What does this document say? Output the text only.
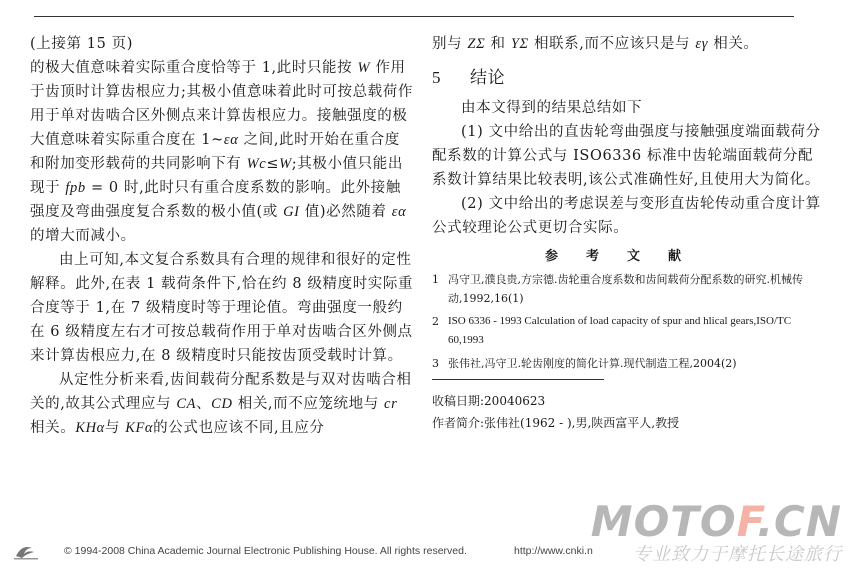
(上接第 15 页)

的极大值意味着实际重合度恰等于 1,此时只能按 W 作用于齿顶时计算齿根应力;其极小值意味着此时可按总载荷作用于单对齿啮合区外侧点来计算齿根应力。接触强度的极大值意味着实际重合度在 1~εα 之间,此时开始在重合度和附加变形载荷的共同影响下有 Wc≤W;其极小值只能出现于 fpb = 0 时,此时只有重合度系数的影响。此外接触强度及弯曲强度复合系数的极小值(或 GI 值)必然随着 εα 的增大而减小。

由上可知,本文复合系数具有合理的规律和很好的定性解释。此外,在表 1 载荷条件下,恰在约 8 级精度时实际重合度等于 1,在 7 级精度时等于理论值。弯曲强度一般约在 6 级精度左右才可按总载荷作用于单对齿啮合区外侧点来计算齿根应力,在 8 级精度时只能按齿顶受载时计算。

从定性分析来看,齿间载荷分配系数是与双对齿啮合相关的,故其公式理应与 CA、CD 相关,而不应笼统地与 cr 相关。KHα与 KFα的公式也应该不同,且应分

别与 ZΣ 和 YΣ 相联系,而不应该只是与 εγ 相关。

5 结论

由本文得到的结果总结如下

(1) 文中给出的直齿轮弯曲强度与接触强度端面载荷分配系数的计算公式与 ISO6336 标准中齿轮端面载荷分配系数计算结果比较表明,该公式准确性好,且使用大为简化。

(2) 文中给出的考虑误差与变形直齿轮传动重合度计算公式较理论公式更切合实际。

参考文献

1 冯守卫,濮良贵,方宗德.齿轮重合度系数和齿间载荷分配系数的研究.机械传动,1992,16(1)

2 ISO 6336 - 1993 Calculation of load capacity of spur and hlical gears,ISO/TC 60,1993

3 张伟社,冯守卫.轮齿刚度的简化计算.现代制造工程,2004(2)

收稿日期:20040623

作者简介:张伟社(1962 - ),男,陕西富平人,教授

© 1994-2008 China Academic Journal Electronic Publishing House. All rights reserved.	http://www.cnki.n
MOTOF.CN
专业致力于摩托长途旅行
